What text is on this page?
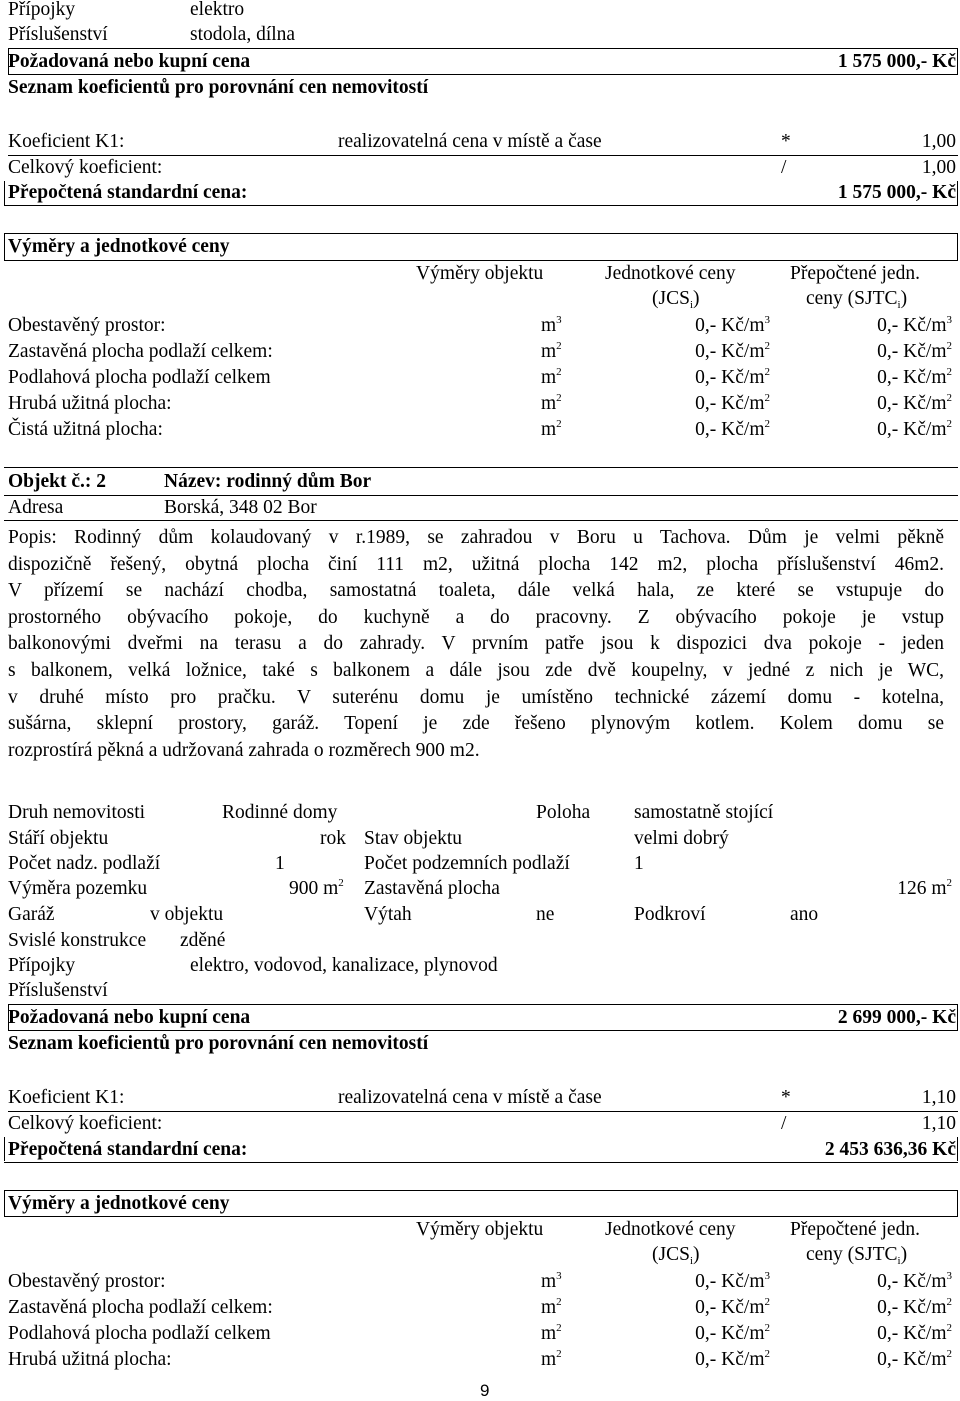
Přípojky	elektro
Příslušenství	stodola, dílna
Požadovaná nebo kupní cena	1 575 000,- Kč
Seznam koeficientů pro porovnání cen nemovitostí
Koeficient K1:	realizovatelná cena v místě a čase	*	1,00
Celkový koeficient:	/	1,00
Přepočtená standardní cena:	1 575 000,- Kč
Výměry a jednotkové ceny
Výměry objektu	Jednotkové ceny
$(JCS_i)$
Přepočtené jedn.
ceny $(SJTC_i)$
Obestavěný prostor:	$m^3$	0,- $Kč/m^3$	0,- $Kč/m^3$
Zastavěná plocha podlaží celkem:	$m^2$	0,- $Kč/m^2$	0,- $Kč/m^2$
Podlahová plocha podlaží celkem	$m^2$	0,- $Kč/m^2$	0,- $Kč/m^2$
Hrubá užitná plocha:	$m^2$	0,- $Kč/m^2$	0,- $Kč/m^2$
Čistá užitná plocha:	$m^2$	0,- $Kč/m^2$	0,- $Kč/m^2$
Objekt č.: 2	Název: rodinný dům Bor
Adresa	Borská, 348 02 Bor
Popis: Rodinný dům kolaudovaný v r.1989, se zahradou v Boru u Tachova. Dům je velmi pěkně
dispozičně řešený, obytná plocha činí 111 m2, užitná plocha 142 m2, plocha příslušenství 46m2.
V přízemí se nachází chodba, samostatná toaleta, dále velká hala, ze které se vstupuje do
prostorného obývacího pokoje, do kuchyně a do pracovny. Z obývacího pokoje je vstup
balkonovými dveřmi na terasu a do zahrady. V prvním patře jsou k dispozici dva pokoje - jeden
s balkonem, velká ložnice, také s balkonem a dále jsou zde dvě koupelny, v jedné z nich je WC,
v druhé místo pro pračku. V suterénu domu je umístěno technické zázemí domu - kotelna,
sušárna, sklepní prostory, garáž. Topení je zde řešeno plynovým kotlem. Kolem domu se
rozprostírá pěkná a udržovaná zahrada o rozměrech 900 m2.
Druh nemovitosti	Rodinné domy	Poloha samostatně stojící
Stáří objektu	rok Stav objektu	velmi dobrý
Počet nadz. podlaží	1	Počet podzemních podlaží	1
Výměra pozemku	900 $m^2$ Zastavěná plocha	126 $m^2$
Garáž	v objektu	Výtah	ne	Podkroví	ano
Svislé konstrukce zděné
Přípojky	elektro, vodovod, kanalizace, plynovod
Příslušenství
Požadovaná nebo kupní cena	2 699 000,- Kč
Seznam koeficientů pro porovnání cen nemovitostí
Koeficient K1:	realizovatelná cena v místě a čase	*	1,10
Celkový koeficient:	/	1,10
Přepočtená standardní cena:	2 453 636,36 Kč
Výměry a jednotkové ceny
Výměry objektu	Jednotkové ceny
$(JCS_i)$
Přepočtené jedn.
ceny $(SJTC_i)$
Obestavěný prostor:	$m^3$	0,- $Kč/m^3$	0,- $Kč/m^3$
Zastavěná plocha podlaží celkem:	$m^2$	0,- $Kč/m^2$	0,- $Kč/m^2$
Podlahová plocha podlaží celkem	$m^2$	0,- $Kč/m^2$	0,- $Kč/m^2$
Hrubá užitná plocha:	$m^2$	0,- $Kč/m^2$	0,- $Kč/m^2$
9
